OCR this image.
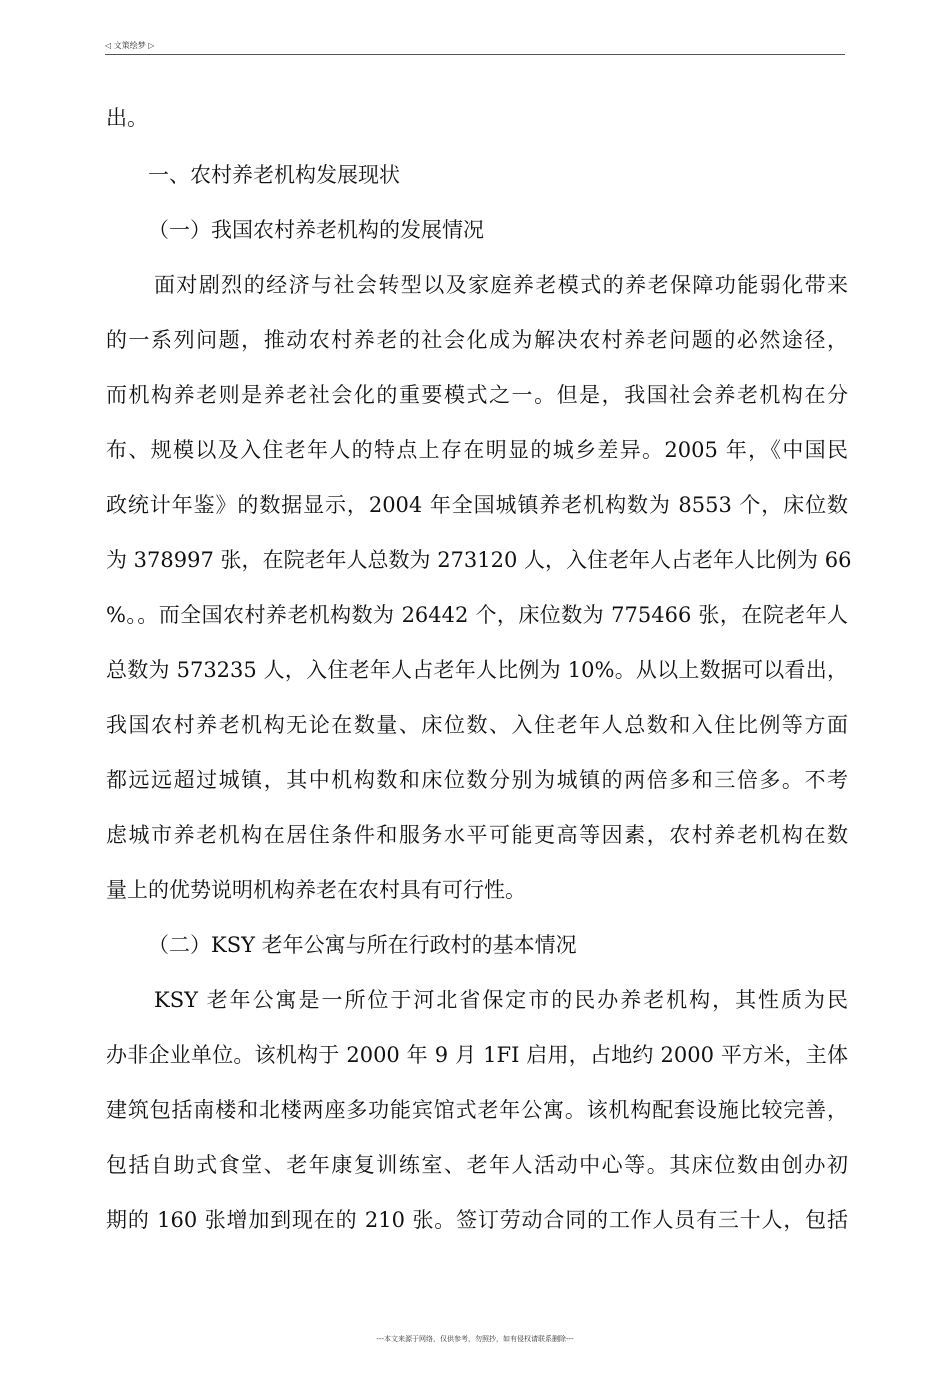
◁ 文策绘梦 ▷
出。
一、农村养老机构发展现状
（一）我国农村养老机构的发展情况
面对剧烈的经济与社会转型以及家庭养老模式的养老保障功能弱化带来
的一系列问题，推动农村养老的社会化成为解决农村养老问题的必然途径，
而机构养老则是养老社会化的重要模式之一。但是，我国社会养老机构在分
布、规模以及入住老年人的特点上存在明显的城乡差异。2005 年，《中国民
政统计年鉴》的数据显示，2004 年全国城镇养老机构数为 8553 个，床位数
为 378997 张，在院老年人总数为 273120 人，入住老年人占老年人比例为 66
%。。而全国农村养老机构数为 26442 个，床位数为 775466 张，在院老年人
总数为 573235 人，入住老年人占老年人比例为 10%。从以上数据可以看出，
我国农村养老机构无论在数量、床位数、入住老年人总数和入住比例等方面
都远远超过城镇，其中机构数和床位数分别为城镇的两倍多和三倍多。不考
虑城市养老机构在居住条件和服务水平可能更高等因素，农村养老机构在数
量上的优势说明机构养老在农村具有可行性。
（二）KSY 老年公寓与所在行政村的基本情况
KSY 老年公寓是一所位于河北省保定市的民办养老机构，其性质为民
办非企业单位。该机构于 2000 年 9 月 1FI 启用，占地约 2000 平方米，主体
建筑包括南楼和北楼两座多功能宾馆式老年公寓。该机构配套设施比较完善，
包括自助式食堂、老年康复训练室、老年人活动中心等。其床位数由创办初
期的 160 张增加到现在的 210 张。签订劳动合同的工作人员有三十人，包括
---本文来源于网络，仅供参考，勿照抄，如有侵权请联系删除---
